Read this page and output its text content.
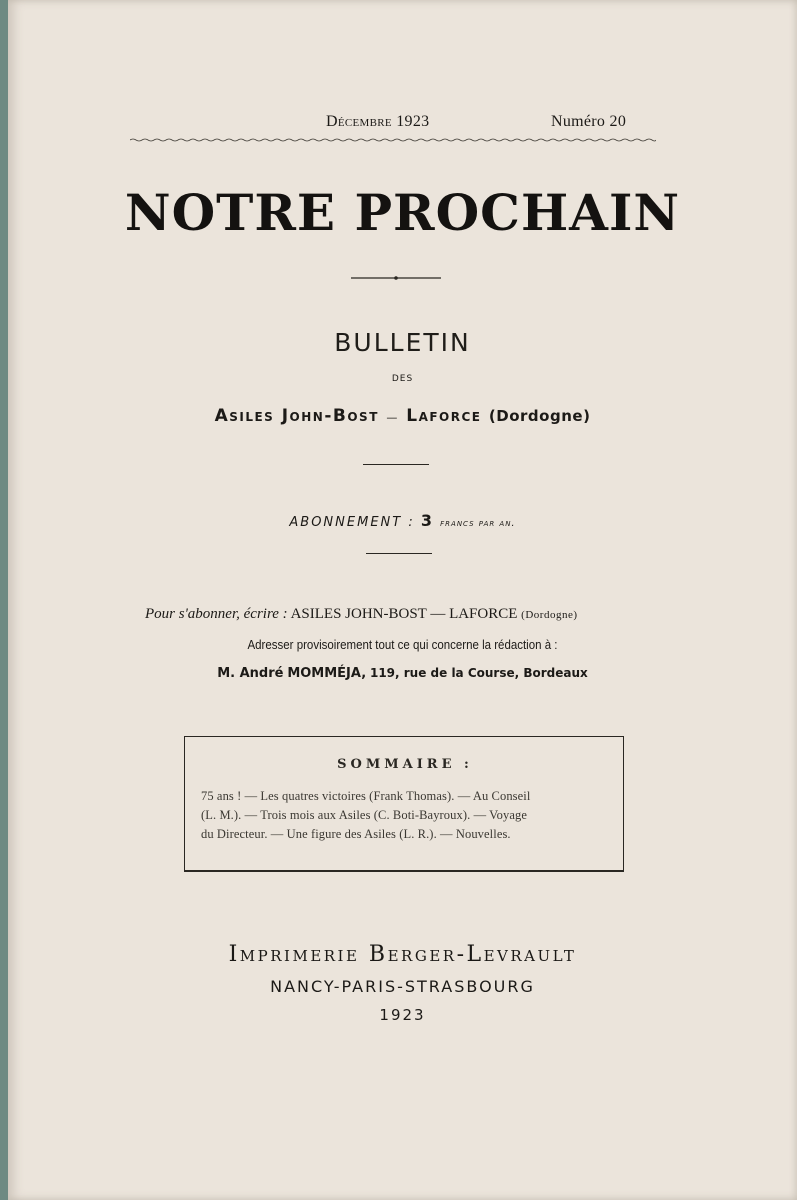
Décembre 1923	Numéro 20

NOTRE PROCHAIN

BULLETIN

DES

Asiles John-Bost — Laforce (Dordogne)

ABONNEMENT : 3 francs par an.

Pour s'abonner, écrire : ASILES JOHN-BOST — LAFORCE (Dordogne)

Adresser provisoirement tout ce qui concerne la rédaction à :

M. André MOMMÉJA, 119, rue de la Course, Bordeaux

SOMMAIRE :

75 ans ! — Les quatres victoires (Frank Thomas). — Au Conseil

(L. M.). — Trois mois aux Asiles (C. Boti-Bayroux). — Voyage

du Directeur. — Une figure des Asiles (L. R.). — Nouvelles.

Imprimerie Berger-Levrault

NANCY-PARIS-STRASBOURG

1923
